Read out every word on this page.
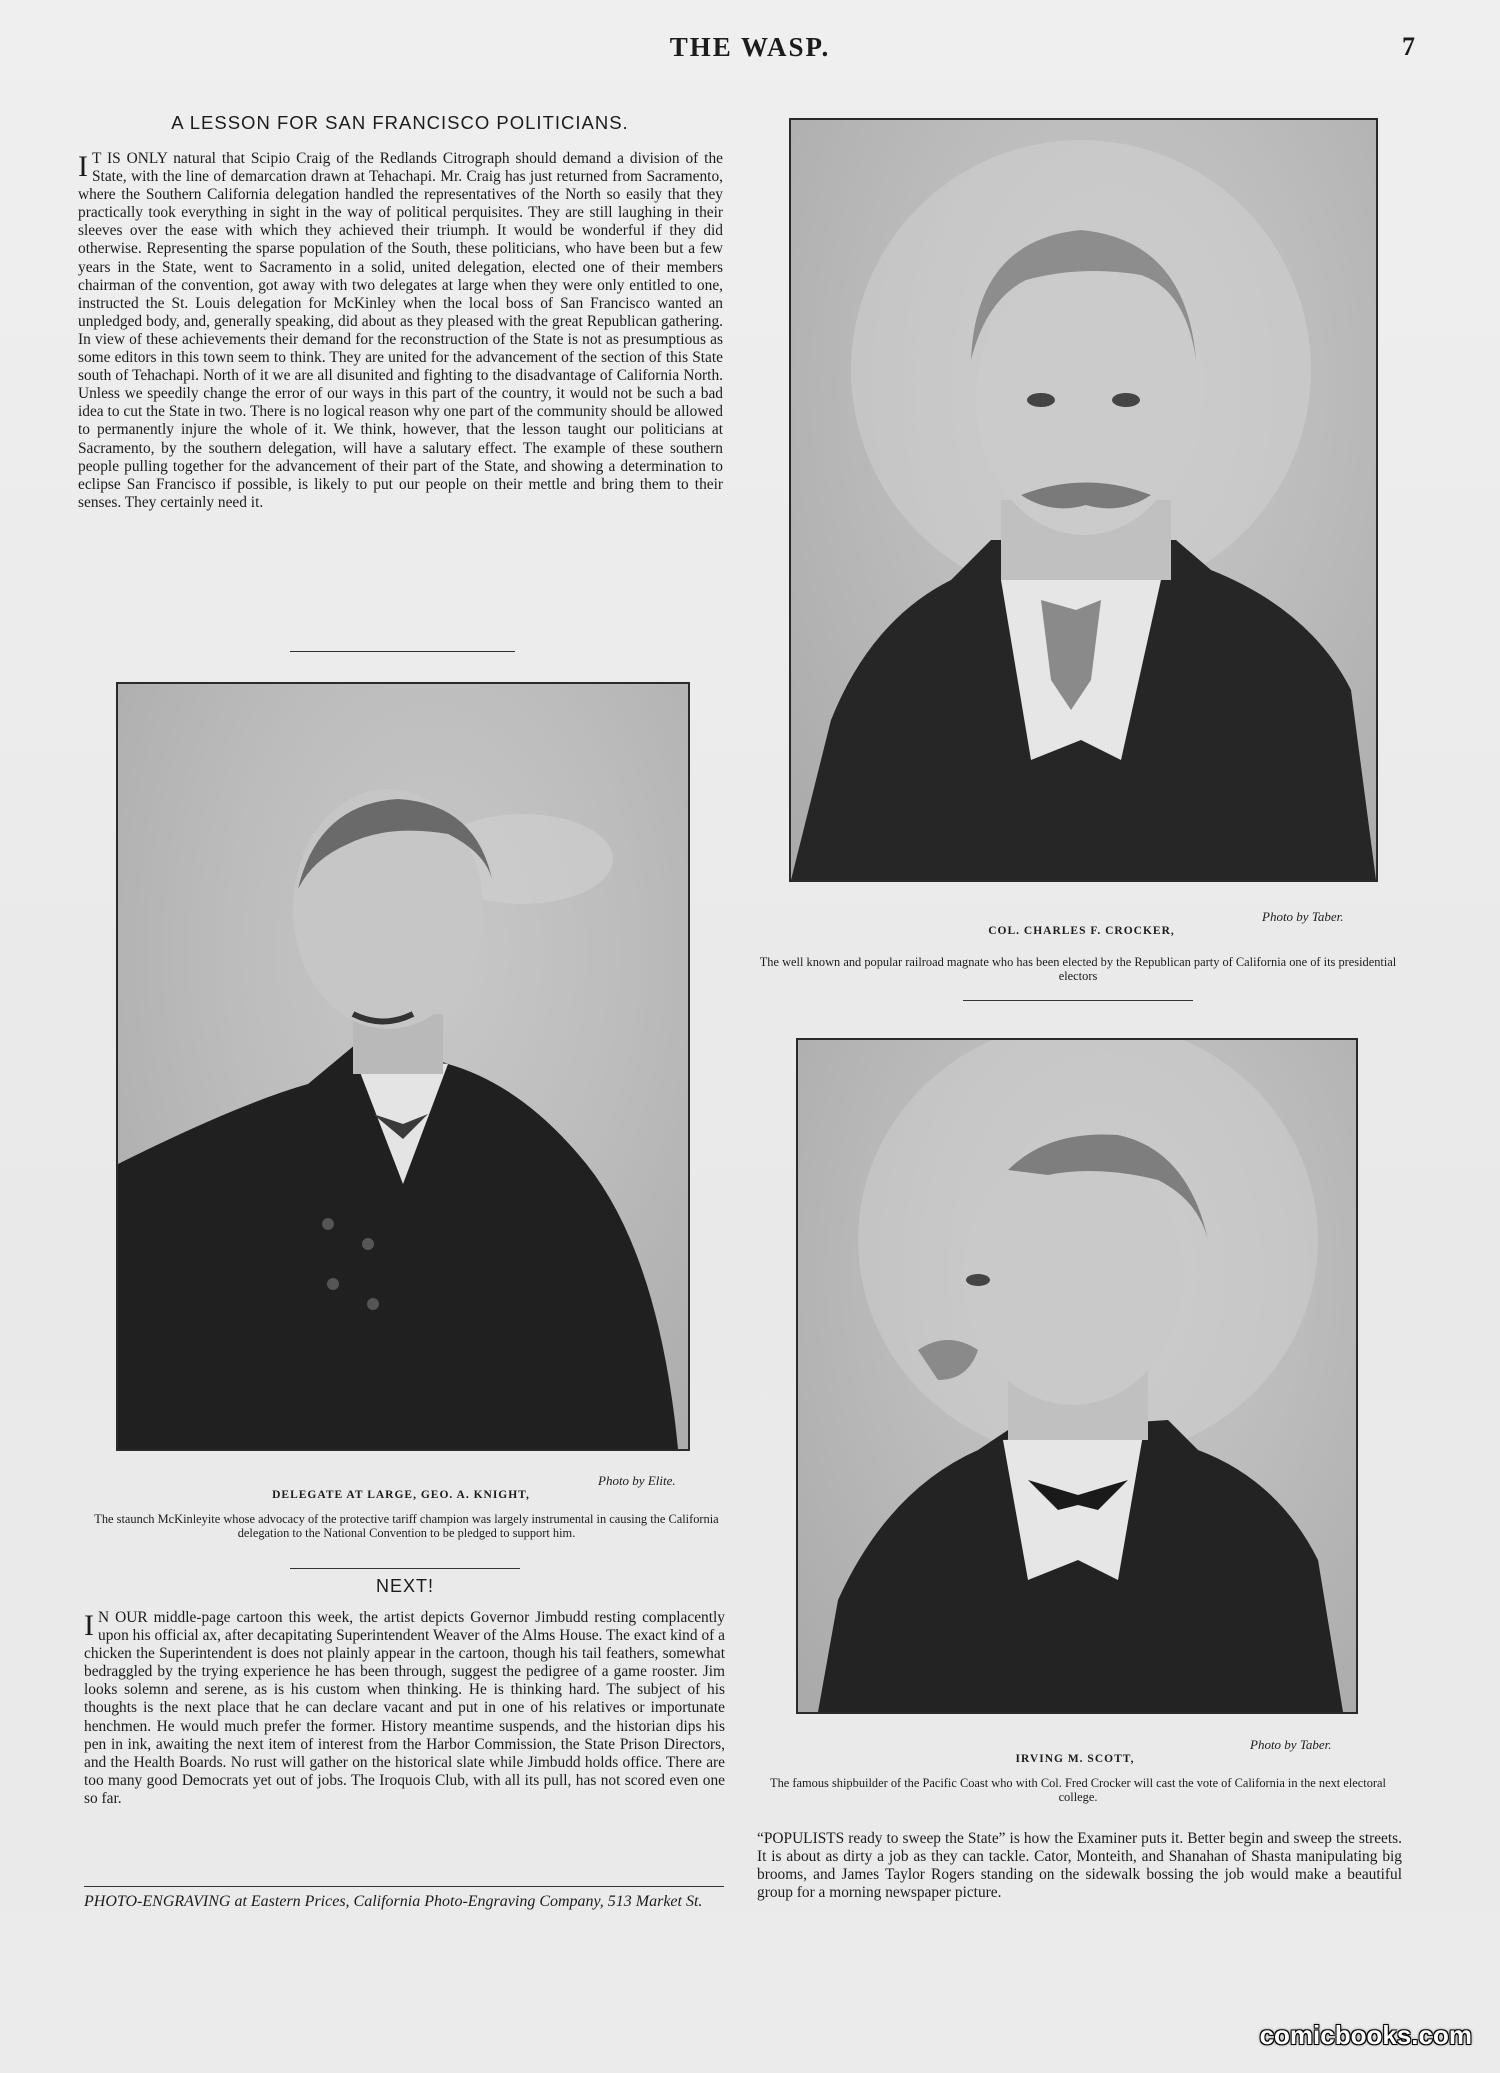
THE WASP.	7
A LESSON FOR SAN FRANCISCO POLITICIANS.
I T IS ONLY natural that Scipio Craig of the Redlands Citrograph should demand a division of the State, with the line of demarcation drawn at Tehachapi. Mr. Craig has just returned from Sacramento, where the Southern California delegation handled the representatives of the North so easily that they practically took everything in sight in the way of political perquisites. They are still laughing in their sleeves over the ease with which they achieved their triumph. It would be wonderful if they did otherwise. Representing the sparse population of the South, these politicians, who have been but a few years in the State, went to Sacramento in a solid, united delegation, elected one of their members chairman of the convention, got away with two delegates at large when they were only entitled to one, instructed the St. Louis delegation for McKinley when the local boss of San Francisco wanted an unpledged body, and, generally speaking, did about as they pleased with the great Republican gathering. In view of these achievements their demand for the reconstruction of the State is not as presumptious as some editors in this town seem to think. They are united for the advancement of the section of this State south of Tehachapi. North of it we are all disunited and fighting to the disadvantage of California North. Unless we speedily change the error of our ways in this part of the country, it would not be such a bad idea to cut the State in two. There is no logical reason why one part of the community should be allowed to permanently injure the whole of it. We think, however, that the lesson taught our politicians at Sacramento, by the southern delegation, will have a salutary effect. The example of these southern people pulling together for the advancement of their part of the State, and showing a determination to eclipse San Francisco if possible, is likely to put our people on their mettle and bring them to their senses. They certainly need it.
Photo by Elite.
DELEGATE AT LARGE, GEO. A. KNIGHT,
The staunch McKinleyite whose advocacy of the protective tariff champion was largely instrumental in causing the California delegation to the National Convention to be pledged to support him.
NEXT!
I N OUR middle-page cartoon this week, the artist depicts Governor Jimbudd resting complacently upon his official ax, after decapitating Superintendent Weaver of the Alms House. The exact kind of a chicken the Superintendent is does not plainly appear in the cartoon, though his tail feathers, somewhat bedraggled by the trying experience he has been through, suggest the pedigree of a game rooster. Jim looks solemn and serene, as is his custom when thinking. He is thinking hard. The subject of his thoughts is the next place that he can declare vacant and put in one of his relatives or importunate henchmen. He would much prefer the former. History meantime suspends, and the historian dips his pen in ink, awaiting the next item of interest from the Harbor Commission, the State Prison Directors, and the Health Boards. No rust will gather on the historical slate while Jimbudd holds office. There are too many good Democrats yet out of jobs. The Iroquois Club, with all its pull, has not scored even one so far.
PHOTO-ENGRAVING at Eastern Prices, California Photo-Engraving Company, 513 Market St.
Photo by Taber.
COL. CHARLES F. CROCKER,
The well known and popular railroad magnate who has been elected by the Republican party of California one of its presidential electors
Photo by Taber.
IRVING M. SCOTT,
The famous shipbuilder of the Pacific Coast who with Col. Fred Crocker will cast the vote of California in the next electoral college.
“POPULISTS ready to sweep the State” is how the Examiner puts it. Better begin and sweep the streets. It is about as dirty a job as they can tackle. Cator, Monteith, and Shanahan of Shasta manipulating big brooms, and James Taylor Rogers standing on the sidewalk bossing the job would make a beautiful group for a morning newspaper picture.
comicbooks.com
